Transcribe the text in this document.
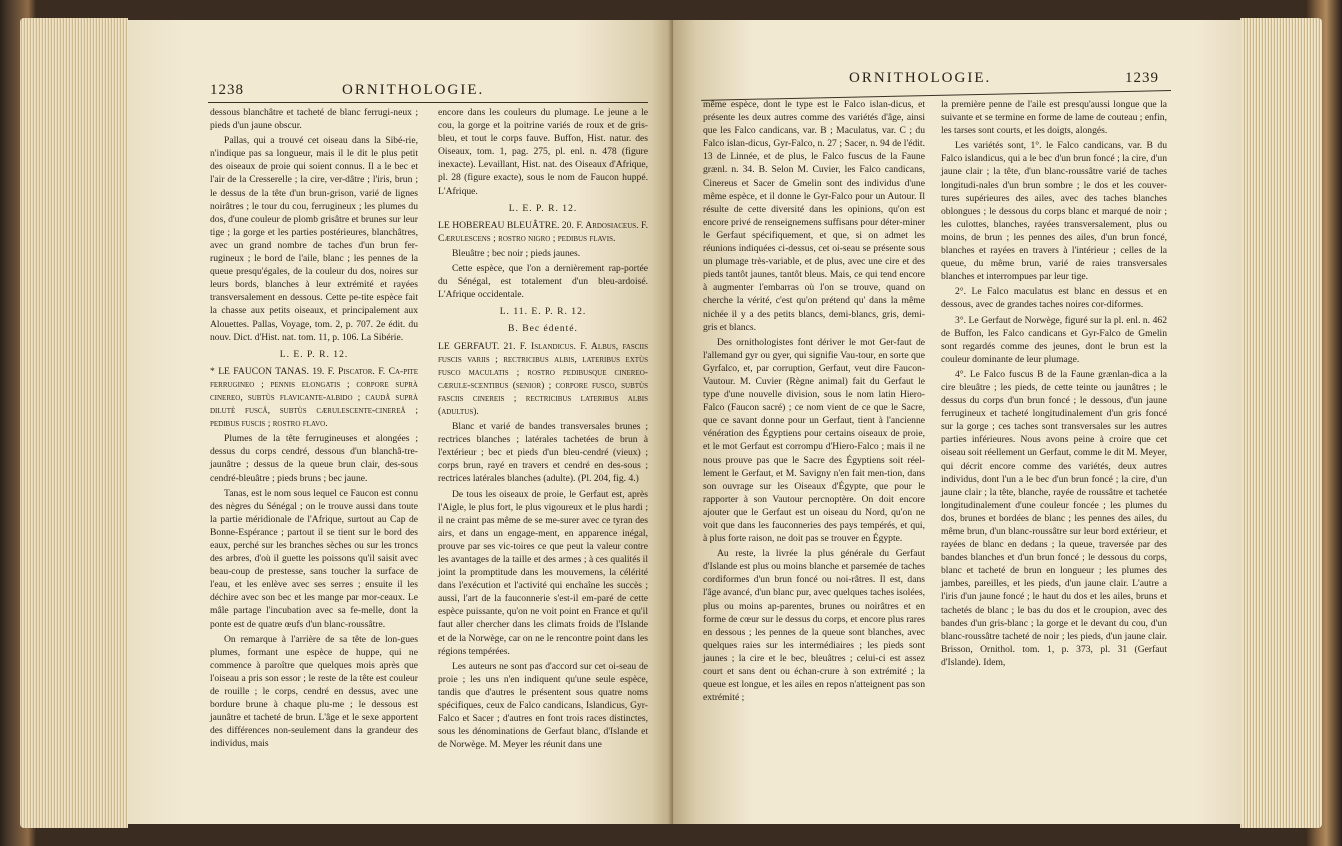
1238	ORNITHOLOGIE.

dessous blanchâtre et tacheté de blanc ferrugi-neux ; pieds d'un jaune obscur.

Pallas, qui a trouvé cet oiseau dans la Sibé-rie, n'indique pas sa longueur, mais il le dit le plus petit des oiseaux de proie qui soient connus. Il a le bec et l'air de la Cresserelle ; la cire, ver-dâtre ; l'iris, brun ; le dessus de la tête d'un brun-grison, varié de lignes noirâtres ; le tour du cou, ferrugineux ; les plumes du dos, d'une couleur de plomb grisâtre et brunes sur leur tige ; la gorge et les parties postérieures, blanchâtres, avec un grand nombre de taches d'un brun fer-rugineux ; le bord de l'aile, blanc ; les pennes de la queue presqu'égales, de la couleur du dos, noires sur leurs bords, blanches à leur extrémité et rayées transversalement en dessous. Cette pe-tite espèce fait la chasse aux petits oiseaux, et principalement aux Alouettes. Pallas, Voyage, tom. 2, p. 707. 2e édit. du nouv. Dict. d'Hist. nat. tom. 11, p. 106. La Sibérie.

L. E. P. R. 12.

* LE FAUCON TANAS. 19. F. Piscator. F. Ca-pite ferrugineo ; pennis elongatis ; corpore suprà cinereo, subtùs flavicante-albido ; caudâ suprà dilutè fuscâ, subtùs cærulescente-cinereâ ; pedibus fuscis ; rostro flavo.

Plumes de la tête ferrugineuses et alongées ; dessus du corps cendré, dessous d'un blanchâ-tre-jaunâtre ; dessus de la queue brun clair, des-sous cendré-bleuâtre ; pieds bruns ; bec jaune.

Tanas, est le nom sous lequel ce Faucon est connu des nègres du Sénégal ; on le trouve aussi dans toute la partie méridionale de l'Afrique, surtout au Cap de Bonne-Espérance ; partout il se tient sur le bord des eaux, perché sur les branches sèches ou sur les troncs des arbres, d'où il guette les poissons qu'il saisit avec beau-coup de prestesse, sans toucher la surface de l'eau, et les enlève avec ses serres ; ensuite il les déchire avec son bec et les mange par mor-ceaux. Le mâle partage l'incubation avec sa fe-melle, dont la ponte est de quatre œufs d'un blanc-roussâtre.

On remarque à l'arrière de sa tête de lon-gues plumes, formant une espèce de huppe, qui ne commence à paroître que quelques mois après que l'oiseau a pris son essor ; le reste de la tête est couleur de rouille ; le corps, cendré en dessus, avec une bordure brune à chaque plu-me ; le dessous est jaunâtre et tacheté de brun. L'âge et le sexe apportent des différences non-seulement dans la grandeur des individus, mais

encore dans les couleurs du plumage. Le jeune a le cou, la gorge et la poitrine variés de roux et de gris-bleu, et tout le corps fauve. Buffon, Hist. natur. des Oiseaux, tom. 1, pag. 275, pl. enl. n. 478 (figure inexacte). Levaillant, Hist. nat. des Oiseaux d'Afrique, pl. 28 (figure exacte), sous le nom de Faucon huppé. L'Afrique.

L. E. P. R. 12.

LE HOBEREAU BLEUÂTRE. 20. F. Ardosiaceus. F. Cærulescens ; rostro nigro ; pedibus flavis.

Bleuâtre ; bec noir ; pieds jaunes.

Cette espèce, que l'on a dernièrement rap-portée du Sénégal, est totalement d'un bleu-ardoisé. L'Afrique occidentale.

L. 11. E. P. R. 12.

B. Bec édenté.

LE GERFAUT. 21. F. Islandicus. F. Albus, fasciis fuscis variis ; rectricibus albis, lateribus extùs fusco maculatis ; rostro pedibusque cinereo-cærule-scentibus (senior) ; corpore fusco, subtùs fasciis cinereis ; rectricibus lateribus albis (adultus).

Blanc et varié de bandes transversales brunes ; rectrices blanches ; latérales tachetées de brun à l'extérieur ; bec et pieds d'un bleu-cendré (vieux) ; corps brun, rayé en travers et cendré en des-sous ; rectrices latérales blanches (adulte). (Pl. 204, fig. 4.)

De tous les oiseaux de proie, le Gerfaut est, après l'Aigle, le plus fort, le plus vigoureux et le plus hardi ; il ne craint pas même de se me-surer avec ce tyran des airs, et dans un engage-ment, en apparence inégal, prouve par ses vic-toires ce que peut la valeur contre les avantages de la taille et des armes ; à ces qualités il joint la promptitude dans les mouvemens, la célérité dans l'exécution et l'activité qui enchaîne les succès ; aussi, l'art de la fauconnerie s'est-il em-paré de cette espèce puissante, qu'on ne voit point en France et qu'il faut aller chercher dans les climats froids de l'Islande et de la Norwège, car on ne le rencontre point dans les régions tempérées.

Les auteurs ne sont pas d'accord sur cet oi-seau de proie ; les uns n'en indiquent qu'une seule espèce, tandis que d'autres le présentent sous quatre noms spécifiques, ceux de Falco candicans, Islandicus, Gyr-Falco et Sacer ; d'autres en font trois races distinctes, sous les dénominations de Gerfaut blanc, d'Islande et de Norwège. M. Meyer les réunit dans une

ORNITHOLOGIE.	1239

même espèce, dont le type est le Falco islan-dicus, et présente les deux autres comme des variétés d'âge, ainsi que les Falco candicans, var. B ; Maculatus, var. C ; du Falco islan-dicus, Gyr-Falco, n. 27 ; Sacer, n. 94 de l'édit. 13 de Linnée, et de plus, le Falco fuscus de la Faune grænl. n. 34. B. Selon M. Cuvier, les Falco candicans, Cinereus et Sacer de Gmelin sont des individus d'une même espèce, et il donne le Gyr-Falco pour un Autour. Il résulte de cette diversité dans les opinions, qu'on est encore privé de renseignemens suffisans pour déter-miner le Gerfaut spécifiquement, et que, si on admet les réunions indiquées ci-dessus, cet oi-seau se présente sous un plumage très-variable, et de plus, avec une cire et des pieds tantôt jaunes, tantôt bleus. Mais, ce qui tend encore à augmenter l'embarras où l'on se trouve, quand on cherche la vérité, c'est qu'on prétend qu' dans la même nichée il y a des petits blancs, demi-blancs, gris, demi-gris et blancs.

Des ornithologistes font dériver le mot Ger-faut de l'allemand gyr ou gyer, qui signifie Vau-tour, en sorte que Gyrfalco, et, par corruption, Gerfaut, veut dire Faucon-Vautour. M. Cuvier (Règne animal) fait du Gerfaut le type d'une nouvelle division, sous le nom latin Hiero-Falco (Faucon sacré) ; ce nom vient de ce que le Sacre, que ce savant donne pour un Gerfaut, tient à l'ancienne vénération des Égyptiens pour certains oiseaux de proie, et le mot Gerfaut est corrompu d'Hiero-Falco ; mais il ne nous prouve pas que le Sacre des Égyptiens soit réel-lement le Gerfaut, et M. Savigny n'en fait men-tion, dans son ouvrage sur les Oiseaux d'Égypte, que pour le rapporter à son Vautour percnoptère. On doit encore ajouter que le Gerfaut est un oiseau du Nord, qu'on ne voit que dans les fauconneries des pays tempérés, et qui, à plus forte raison, ne doit pas se trouver en Égypte.

Au reste, la livrée la plus générale du Gerfaut d'Islande est plus ou moins blanche et parsemée de taches cordiformes d'un brun foncé ou noi-râtres. Il est, dans l'âge avancé, d'un blanc pur, avec quelques taches isolées, plus ou moins ap-parentes, brunes ou noirâtres et en forme de cœur sur le dessus du corps, et encore plus rares en dessous ; les pennes de la queue sont blanches, avec quelques raies sur les intermédiaires ; les pieds sont jaunes ; la cire et le bec, bleuâtres ; celui-ci est assez court et sans dent ou échan-crure à son extrémité ; la queue est longue, et les ailes en repos n'atteignent pas son extrémité ;

la première penne de l'aile est presqu'aussi longue que la suivante et se termine en forme de lame de couteau ; enfin, les tarses sont courts, et les doigts, alongés.

Les variétés sont, 1°. le Falco candicans, var. B du Falco islandicus, qui a le bec d'un brun foncé ; la cire, d'un jaune clair ; la tête, d'un blanc-roussâtre varié de taches longitudi-nales d'un brun sombre ; le dos et les couver-tures supérieures des ailes, avec des taches blanches oblongues ; le dessous du corps blanc et marqué de noir ; les culottes, blanches, rayées transversalement, plus ou moins, de brun ; les pennes des ailes, d'un brun foncé, blanches et rayées en travers à l'intérieur ; celles de la queue, du même brun, varié de raies transversales blanches et interrompues par leur tige.

2°. Le Falco maculatus est blanc en dessus et en dessous, avec de grandes taches noires cor-diformes.

3°. Le Gerfaut de Norwège, figuré sur la pl. enl. n. 462 de Buffon, les Falco candicans et Gyr-Falco de Gmelin sont regardés comme des jeunes, dont le brun est la couleur dominante de leur plumage.

4°. Le Falco fuscus B de la Faune grænlan-dica a la cire bleuâtre ; les pieds, de cette teinte ou jaunâtres ; le dessus du corps d'un brun foncé ; le dessous, d'un jaune ferrugineux et tacheté longitudinalement d'un gris foncé sur la gorge ; ces taches sont transversales sur les autres parties inférieures. Nous avons peine à croire que cet oiseau soit réellement un Gerfaut, comme le dit M. Meyer, qui décrit encore comme des variétés, deux autres individus, dont l'un a le bec d'un brun foncé ; la cire, d'un jaune clair ; la tête, blanche, rayée de roussâtre et tachetée longitudinalement d'une couleur foncée ; les plumes du dos, brunes et bordées de blanc ; les pennes des ailes, du même brun, d'un blanc-roussâtre sur leur bord extérieur, et rayées de blanc en dedans ; la queue, traversée par des bandes blanches et d'un brun foncé ; le dessous du corps, blanc et tacheté de brun en longueur ; les plumes des jambes, pareilles, et les pieds, d'un jaune clair. L'autre a l'iris d'un jaune foncé ; le haut du dos et les ailes, bruns et tachetés de blanc ; le bas du dos et le croupion, avec des bandes d'un gris-blanc ; la gorge et le devant du cou, d'un blanc-roussâtre tacheté de noir ; les pieds, d'un jaune clair. Brisson, Ornithol. tom. 1, p. 373, pl. 31 (Gerfaut d'Islande). Idem,
